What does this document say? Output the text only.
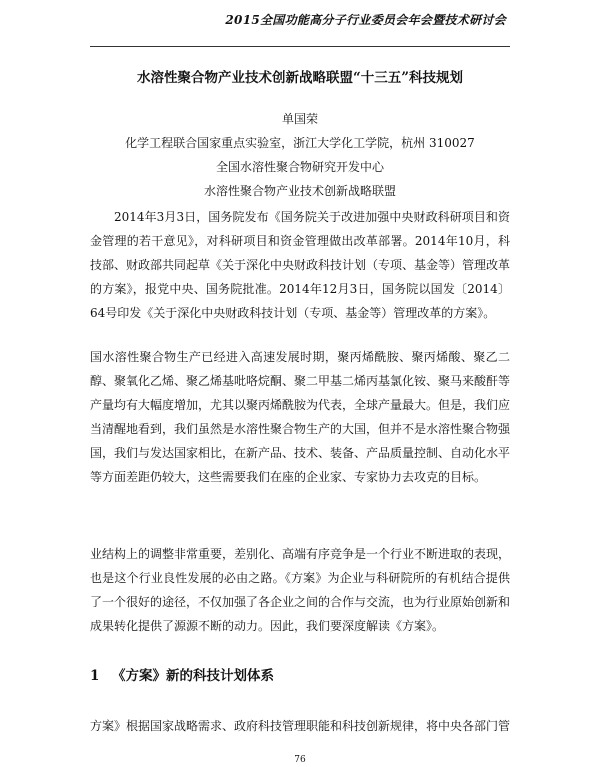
2015全国功能高分子行业委员会年会暨技术研讨会
水溶性聚合物产业技术创新战略联盟“十三五”科技规划
单国荣
化学工程联合国家重点实验室，浙江大学化工学院，杭州 310027
全国水溶性聚合物研究开发中心
水溶性聚合物产业技术创新战略联盟

2014年3月3日，国务院发布《国务院关于改进加强中央财政科研项目和资金管理的若干意见》，对科研项目和资金管理做出改革部署。2014年10月，科技部、财政部共同起草《关于深化中央财政科技计划（专项、基金等）管理改革的方案》，报党中央、国务院批准。2014年12月3日，国务院以国发〔2014〕64号印发《关于深化中央财政科技计划（专项、基金等）管理改革的方案》。

国水溶性聚合物生产已经进入高速发展时期，聚丙烯酰胺、聚丙烯酸、聚乙二醇、聚氧化乙烯、聚乙烯基吡咯烷酮、聚二甲基二烯丙基氯化铵、聚马来酸酐等产量均有大幅度增加，尤其以聚丙烯酰胺为代表，全球产量最大。但是，我们应当清醒地看到，我们虽然是水溶性聚合物生产的大国，但并不是水溶性聚合物强国，我们与发达国家相比，在新产品、技术、装备、产品质量控制、自动化水平等方面差距仍较大，这些需要我们在座的企业家、专家协力去攻克的目标。

业结构上的调整非常重要，差别化、高端有序竞争是一个行业不断进取的表现，也是这个行业良性发展的必由之路。《方案》为企业与科研院所的有机结合提供了一个很好的途径，不仅加强了各企业之间的合作与交流，也为行业原始创新和成果转化提供了源源不断的动力。因此，我们要深度解读《方案》。

1 《方案》新的科技计划体系

方案》根据国家战略需求、政府科技管理职能和科技创新规律，将中央各部门管

76
